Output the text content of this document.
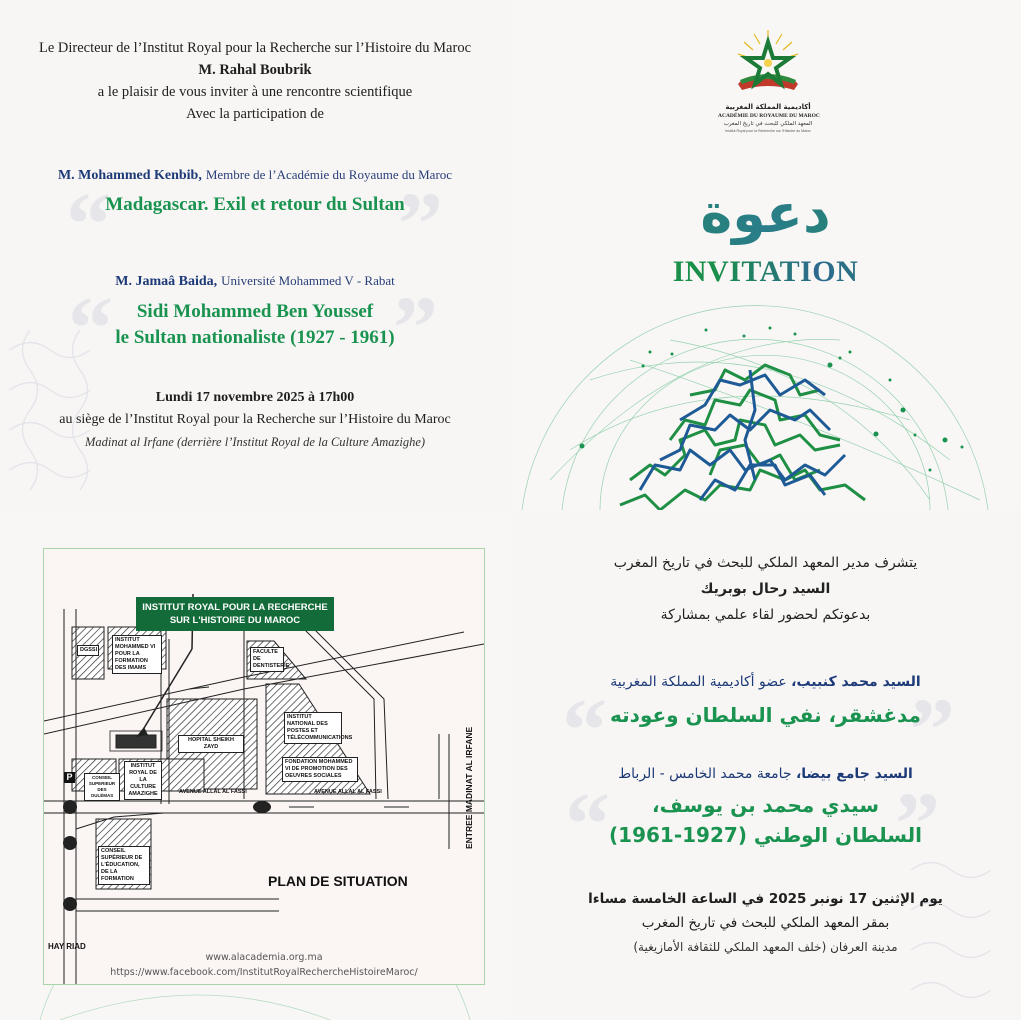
Le Directeur de l’Institut Royal pour la Recherche sur l’Histoire du Maroc
M. Rahal Boubrik
a le plaisir de vous inviter à une rencontre scientifique
Avec la participation de
M. Mohammed Kenbib, Membre de l’Académie du Royaume du Maroc
“	”
Madagascar. Exil et retour du Sultan
M. Jamaâ Baida, Université Mohammed V - Rabat
“	”
Sidi Mohammed Ben Youssef
le Sultan nationaliste (1927 - 1961)
Lundi 17 novembre 2025 à 17h00
au siège de l’Institut Royal pour la Recherche sur l’Histoire du Maroc
Madinat al Irfane (derrière l’Institut Royal de la Culture Amazighe)
أكاديمية المملكة المغربية
ACADÉMIE DU ROYAUME DU MAROC
المعهد الملكي للبحث في تاريخ المغرب
Institut Royal pour la Recherche sur l’Histoire du Maroc
دعوة
INVITATION
INSTITUT ROYAL POUR LA RECHERCHE
SUR L'HISTOIRE DU MAROC
DGSSI
INSTITUT MOHAMMED VI POUR LA FORMATION DES IMAMS
FACULTE DE DENTISTERIE
INSTITUT NATIONAL DES POSTES ET TÉLÉCOMMUNICATIONS
HOPITAL SHEIKH ZAYD
FONDATION MOHAMMED VI DE PROMOTION DES OEUVRES SOCIALES
INSTITUT ROYAL DE LA CULTURE AMAZIGHE
CONSEIL SUPERIEUR DES OULÉMAS
CONSEIL SUPÉRIEUR DE L'ÉDUCATION, DE LA FORMATION
P
AVENUE ALLAL AL FASSI	AVENUE ALLAL AL FASSI
PLAN DE SITUATION
ENTREE MADINAT AL IRFANE
HAY RIAD
www.alacademia.org.ma
https://www.facebook.com/InstitutRoyalRechercheHistoireMaroc/
يتشرف مدير المعهد الملكي للبحث في تاريخ المغرب
السيد رحال بوبريك
بدعوتكم لحضور لقاء علمي بمشاركة
السيد محمد كنبيب، عضو أكاديمية المملكة المغربية	”
“ مدغشقر، نفي السلطان وعودته
السيد جامع بيضا، جامعة محمد الخامس - الرباط
”
“	سيدي محمد بن يوسف،
السلطان الوطني (1927-1961)
يوم الإثنين 17 نونبر 2025 في الساعة الخامسة مساءا
بمقر المعهد الملكي للبحث في تاريخ المغرب
مدينة العرفان (خلف المعهد الملكي للثقافة الأمازيغية)
